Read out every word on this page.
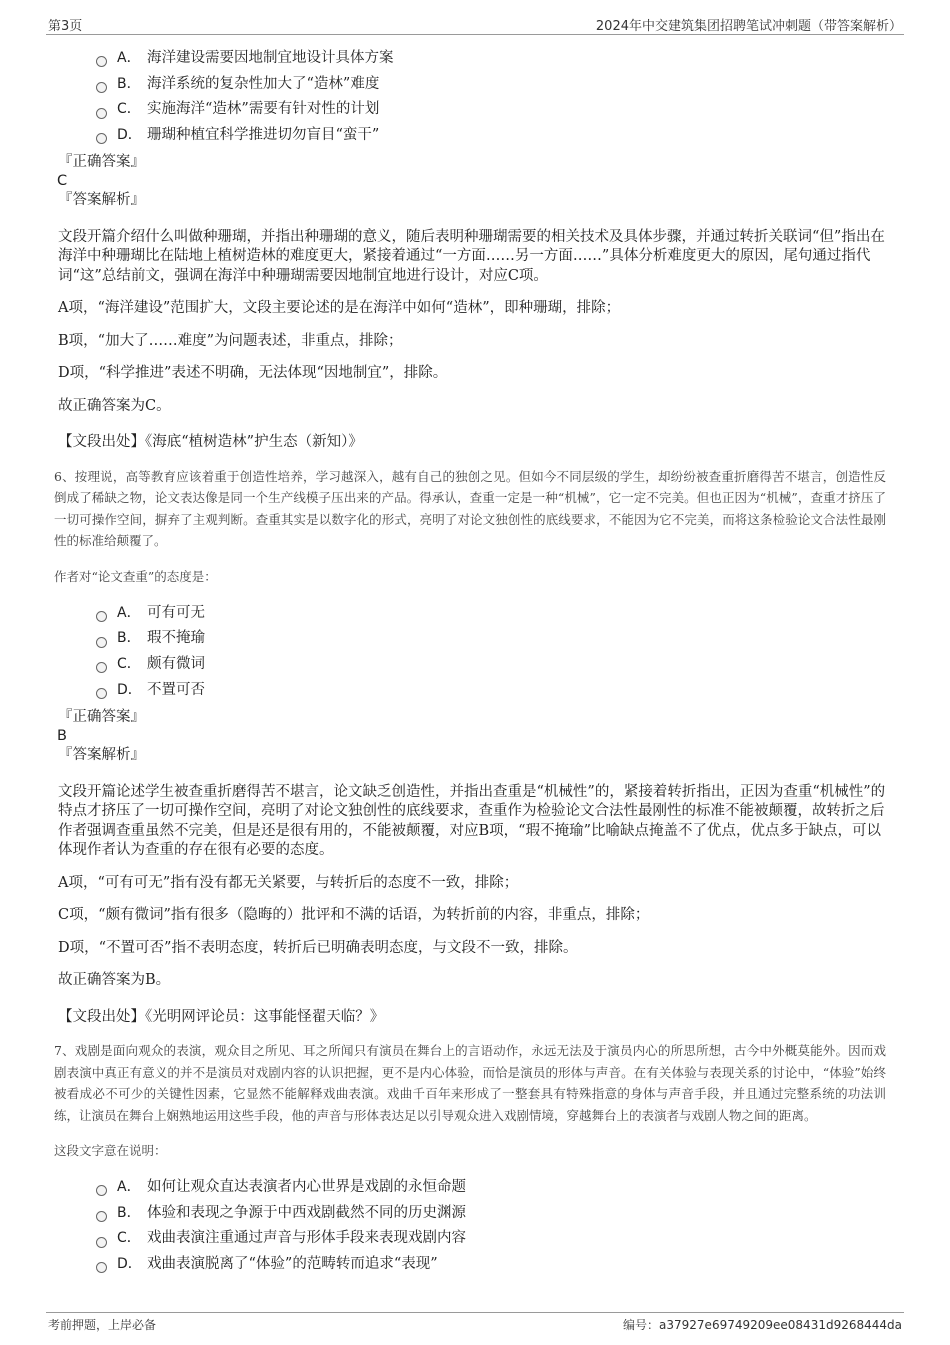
第3页	2024年中交建筑集团招聘笔试冲刺题（带答案解析）
A． 海洋建设需要因地制宜地设计具体方案
B． 海洋系统的复杂性加大了“造林”难度
C． 实施海洋“造林”需要有针对性的计划
D． 珊瑚种植宜科学推进切勿盲目“蛮干”
『正确答案』
C
『答案解析』

文段开篇介绍什么叫做种珊瑚，并指出种珊瑚的意义，随后表明种珊瑚需要的相关技术及具体步骤，并通过转折关联词“但”指出在海洋中种珊瑚比在陆地上植树造林的难度更大，紧接着通过“一方面……另一方面……”具体分析难度更大的原因，尾句通过指代词“这”总结前文，强调在海洋中种珊瑚需要因地制宜地进行设计，对应C项。

A项，“海洋建设”范围扩大，文段主要论述的是在海洋中如何“造林”，即种珊瑚，排除；

B项，“加大了……难度”为问题表述，非重点，排除；

D项，“科学推进”表述不明确，无法体现“因地制宜”，排除。

故正确答案为C。

【文段出处】《海底“植树造林”护生态（新知）》

6、按理说，高等教育应该着重于创造性培养，学习越深入，越有自己的独创之见。但如今不同层级的学生，却纷纷被查重折磨得苦不堪言，创造性反倒成了稀缺之物，论文表达像是同一个生产线模子压出来的产品。得承认，查重一定是一种“机械”，它一定不完美。但也正因为“机械”，查重才挤压了一切可操作空间，摒弃了主观判断。查重其实是以数字化的形式，亮明了对论文独创性的底线要求，不能因为它不完美，而将这条检验论文合法性最刚性的标准给颠覆了。

作者对“论文查重”的态度是：

A． 可有可无
B． 瑕不掩瑜
C． 颇有微词
D． 不置可否
『正确答案』
B
『答案解析』

文段开篇论述学生被查重折磨得苦不堪言，论文缺乏创造性，并指出查重是“机械性”的，紧接着转折指出，正因为查重“机械性”的特点才挤压了一切可操作空间，亮明了对论文独创性的底线要求，查重作为检验论文合法性最刚性的标准不能被颠覆，故转折之后作者强调查重虽然不完美，但是还是很有用的，不能被颠覆，对应B项，“瑕不掩瑜”比喻缺点掩盖不了优点，优点多于缺点，可以体现作者认为查重的存在很有必要的态度。

A项，“可有可无”指有没有都无关紧要，与转折后的态度不一致，排除；

C项，“颇有微词”指有很多（隐晦的）批评和不满的话语，为转折前的内容，非重点，排除；

D项，“不置可否”指不表明态度，转折后已明确表明态度，与文段不一致，排除。

故正确答案为B。

【文段出处】《光明网评论员：这事能怪翟天临？》

7、戏剧是面向观众的表演，观众目之所见、耳之所闻只有演员在舞台上的言语动作，永远无法及于演员内心的所思所想，古今中外概莫能外。因而戏剧表演中真正有意义的并不是演员对戏剧内容的认识把握，更不是内心体验，而恰是演员的形体与声音。在有关体验与表现关系的讨论中，“体验”始终被看成必不可少的关键性因素，它显然不能解释戏曲表演。戏曲千百年来形成了一整套具有特殊指意的身体与声音手段，并且通过完整系统的功法训练，让演员在舞台上娴熟地运用这些手段，他的声音与形体表达足以引导观众进入戏剧情境，穿越舞台上的表演者与戏剧人物之间的距离。

这段文字意在说明：

A． 如何让观众直达表演者内心世界是戏剧的永恒命题
B． 体验和表现之争源于中西戏剧截然不同的历史渊源
C． 戏曲表演注重通过声音与形体手段来表现戏剧内容
D． 戏曲表演脱离了“体验”的范畴转而追求“表现”
考前押题，上岸必备	编号：a37927e69749209ee08431d9268444da
